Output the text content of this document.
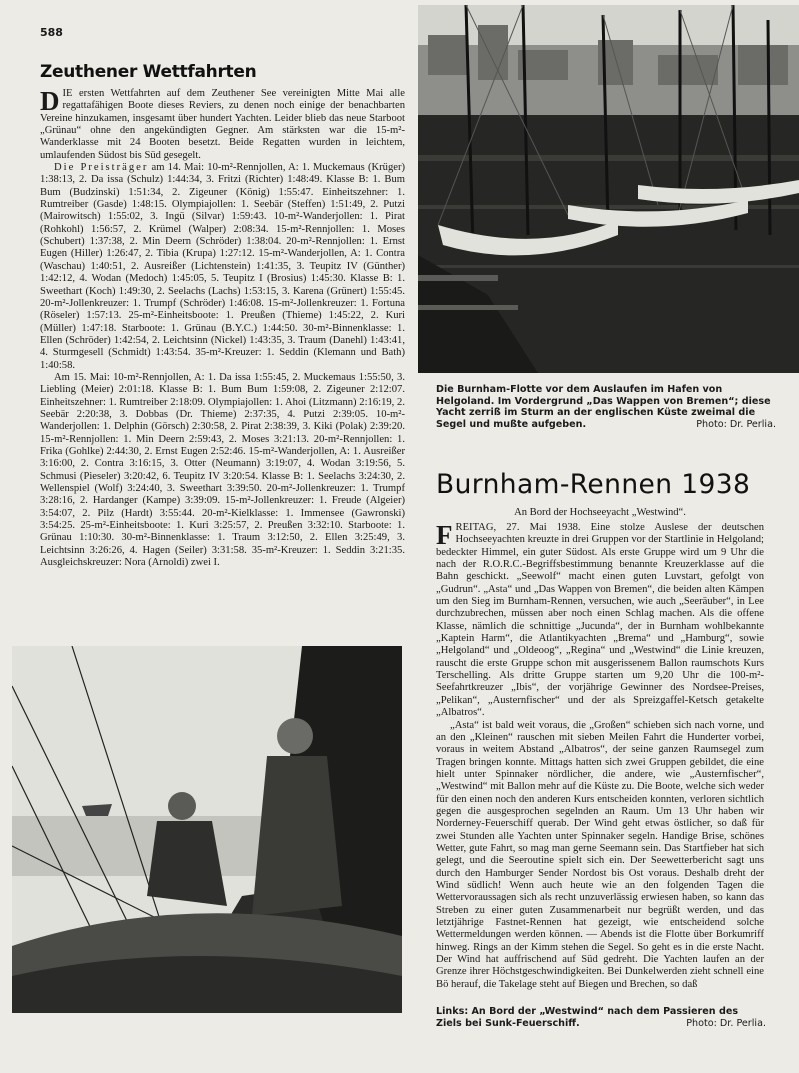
588
Zeuthener Wettfahrten

DIE ersten Wettfahrten auf dem Zeuthener See vereinigten Mitte Mai alle regattafähigen Boote dieses Reviers, zu denen noch einige der benachbarten Vereine hinzukamen, insgesamt über hundert Yachten. Leider blieb das neue Starboot „Grünau“ ohne den angekündigten Gegner. Am stärksten war die 15-m²-Wanderklasse mit 24 Booten besetzt. Beide Regatten wurden in leichtem, umlaufenden Südost bis Süd gesegelt.

Die Preisträger am 14. Mai: 10-m²-Rennjollen, A: 1. Muckemaus (Krüger) 1:38:13, 2. Da issa (Schulz) 1:44:34, 3. Fritzi (Richter) 1:48:49. Klasse B: 1. Bum Bum (Budzinski) 1:51:34, 2. Zigeuner (König) 1:55:47. Einheitszehner: 1. Rumtreiber (Gasde) 1:48:15. Olympiajollen: 1. Seebär (Steffen) 1:51:49, 2. Putzi (Mairowitsch) 1:55:02, 3. Ingü (Silvar) 1:59:43. 10-m²-Wanderjollen: 1. Pirat (Rohkohl) 1:56:57, 2. Krümel (Walper) 2:08:34. 15-m²-Rennjollen: 1. Moses (Schubert) 1:37:38, 2. Min Deern (Schröder) 1:38:04. 20-m²-Rennjollen: 1. Ernst Eugen (Hiller) 1:26:47, 2. Tibia (Krupa) 1:27:12. 15-m²-Wanderjollen, A: 1. Contra (Waschau) 1:40:51, 2. Ausreißer (Lichtenstein) 1:41:35, 3. Teupitz IV (Günther) 1:42:12, 4. Wodan (Medoch) 1:45:05, 5. Teupitz I (Brosius) 1:45:30. Klasse B: 1. Sweethart (Koch) 1:49:30, 2. Seelachs (Lachs) 1:53:15, 3. Karena (Grünert) 1:55:45. 20-m²-Jollenkreuzer: 1. Trumpf (Schröder) 1:46:08. 15-m²-Jollenkreuzer: 1. Fortuna (Röseler) 1:57:13. 25-m²-Einheitsboote: 1. Preußen (Thieme) 1:45:22, 2. Kuri (Müller) 1:47:18. Starboote: 1. Grünau (B.Y.C.) 1:44:50. 30-m²-Binnenklasse: 1. Ellen (Schröder) 1:42:54, 2. Leichtsinn (Nickel) 1:43:35, 3. Traum (Danehl) 1:43:41, 4. Sturmgesell (Schmidt) 1:43:54. 35-m²-Kreuzer: 1. Seddin (Klemann und Bath) 1:40:58.

Am 15. Mai: 10-m²-Rennjollen, A: 1. Da issa 1:55:45, 2. Muckemaus 1:55:50, 3. Liebling (Meier) 2:01:18. Klasse B: 1. Bum Bum 1:59:08, 2. Zigeuner 2:12:07. Einheitszehner: 1. Rumtreiber 2:18:09. Olympiajollen: 1. Ahoi (Litzmann) 2:16:19, 2. Seebär 2:20:38, 3. Dobbas (Dr. Thieme) 2:37:35, 4. Putzi 2:39:05. 10-m²-Wanderjollen: 1. Delphin (Görsch) 2:30:58, 2. Pirat 2:38:39, 3. Kiki (Polak) 2:39:20. 15-m²-Rennjollen: 1. Min Deern 2:59:43, 2. Moses 3:21:13. 20-m²-Rennjollen: 1. Frika (Gohlke) 2:44:30, 2. Ernst Eugen 2:52:46. 15-m²-Wanderjollen, A: 1. Ausreißer 3:16:00, 2. Contra 3:16:15, 3. Otter (Neumann) 3:19:07, 4. Wodan 3:19:56, 5. Schmusi (Pieseler) 3:20:42, 6. Teupitz IV 3:20:54. Klasse B: 1. Seelachs 3:24:30, 2. Wellenspiel (Wolf) 3:24:40, 3. Sweethart 3:39:50. 20-m²-Jollenkreuzer: 1. Trumpf 3:28:16, 2. Hardanger (Kampe) 3:39:09. 15-m²-Jollenkreuzer: 1. Freude (Algeier) 3:54:07, 2. Pilz (Hardt) 3:55:44. 20-m²-Kielklasse: 1. Immensee (Gawronski) 3:54:25. 25-m²-Einheitsboote: 1. Kuri 3:25:57, 2. Preußen 3:32:10. Starboote: 1. Grünau 1:10:30. 30-m²-Binnenklasse: 1. Traum 3:12:50, 2. Ellen 3:25:49, 3. Leichtsinn 3:26:26, 4. Hagen (Seiler) 3:31:58. 35-m²-Kreuzer: 1. Seddin 3:21:35. Ausgleichskreuzer: Nora (Arnoldi) zwei I.

Die Burnham-Flotte vor dem Auslaufen im Hafen von Helgoland. Im Vordergrund „Das Wappen von Bremen“; diese Yacht zerriß im Sturm an der englischen Küste zweimal die Segel und mußte aufgeben.	Photo: Dr. Perlia.
Burnham-Rennen 1938
An Bord der Hochseeyacht „Westwind“.

FREITAG, 27. Mai 1938. Eine stolze Auslese der deutschen Hochseeyachten kreuzte in drei Gruppen vor der Startlinie in Helgoland; bedeckter Himmel, ein guter Südost. Als erste Gruppe wird um 9 Uhr die nach der R.O.R.C.-Begriffsbestimmung benannte Kreuzerklasse auf die Bahn geschickt. „Seewolf“ macht einen guten Luvstart, gefolgt von „Gudrun“. „Asta“ und „Das Wappen von Bremen“, die beiden alten Kämpen um den Sieg im Burnham-Rennen, versuchen, wie auch „Seeräuber“, in Lee durchzubrechen, müssen aber noch einen Schlag machen. Als die offene Klasse, nämlich die schnittige „Jucunda“, der in Burnham wohlbekannte „Kaptein Harm“, die Atlantikyachten „Brema“ und „Hamburg“, sowie „Helgoland“ und „Oldeoog“, „Regina“ und „Westwind“ die Linie kreuzen, rauscht die erste Gruppe schon mit ausgerissenem Ballon raumschots Kurs Terschelling. Als dritte Gruppe starten um 9,20 Uhr die 100-m²-Seefahrtkreuzer „Ibis“, der vorjährige Gewinner des Nordsee-Preises, „Pelikan“, „Austernfischer“ und der als Spreizgaffel-Ketsch getakelte „Albatros“.

„Asta“ ist bald weit voraus, die „Großen“ schieben sich nach vorne, und an den „Kleinen“ rauschen mit sieben Meilen Fahrt die Hunderter vorbei, voraus in weitem Abstand „Albatros“, der seine ganzen Raumsegel zum Tragen bringen konnte. Mittags hatten sich zwei Gruppen gebildet, die eine hielt unter Spinnaker nördlicher, die andere, wie „Austernfischer“, „Westwind“ mit Ballon mehr auf die Küste zu. Die Boote, welche sich weder für den einen noch den anderen Kurs entscheiden konnten, verloren sichtlich gegen die ausgesprochen segelnden an Raum. Um 13 Uhr haben wir Norderney-Feuerschiff querab. Der Wind geht etwas östlicher, so daß für zwei Stunden alle Yachten unter Spinnaker segeln. Handige Brise, schönes Wetter, gute Fahrt, so mag man gerne Seemann sein. Das Startfieber hat sich gelegt, und die Seeroutine spielt sich ein. Der Seewetterbericht sagt uns durch den Hamburger Sender Nordost bis Ost voraus. Deshalb dreht der Wind südlich! Wenn auch heute wie an den folgenden Tagen die Wettervoraussagen sich als recht unzuverlässig erwiesen haben, so kann das Streben zu einer guten Zusammenarbeit nur begrüßt werden, und das letztjährige Fastnet-Rennen hat gezeigt, wie entscheidend solche Wettermeldungen werden können. — Abends ist die Flotte über Borkumriff hinweg. Rings an der Kimm stehen die Segel. So geht es in die erste Nacht. Der Wind hat auffrischend auf Süd gedreht. Die Yachten laufen an der Grenze ihrer Höchstgeschwindigkeiten. Bei Dunkelwerden zieht schnell eine Bö herauf, die Takelage steht auf Biegen und Brechen, so daß

Links: An Bord der „Westwind“ nach dem Passieren des Ziels bei Sunk-Feuerschiff.	Photo: Dr. Perlia.
